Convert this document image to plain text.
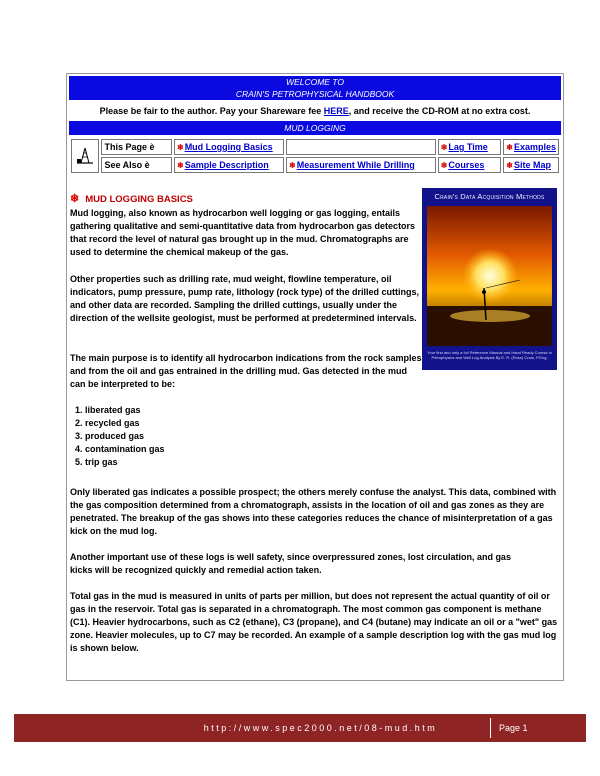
WELCOME TO
CRAIN'S PETROPHYSICAL HANDBOOK
Please be fair to the author. Pay your Shareware fee HERE, and receive the CD-ROM at no extra cost.
MUD LOGGING
	This Page è	❄Mud Logging Basics		❄Lag Time	❄Examples
	See Also è	❄Sample Description	❄Measurement While Drilling	❄Courses	❄Site Map
❄ MUD LOGGING BASICS

Mud logging, also known as hydrocarbon well logging or gas logging, entails gathering qualitative and semi-quantitative data from hydrocarbon gas detectors that record the level of natural gas brought up in the mud. Chromatographs are used to determine the chemical makeup of the gas.

Other properties such as drilling rate, mud weight, flowline temperature, oil indicators, pump pressure, pump rate, lithology (rock type) of the drilled cuttings, and other data are recorded. Sampling the drilled cuttings, usually under the direction of the wellsite geologist, must be performed at predetermined intervals.

The main purpose is to identify all hydrocarbon indications from the rock samples and from the oil and gas entrained in the drilling mud. Gas detected in the mud can be interpreted to be:

Crain's Data Acquisition Methods
Your first and only a full Reference Manual and Hand Ready Course in Petrophysics and Well Log Analysis By E. R. (Ross) Crain, P.Eng.
1. liberated gas
2. recycled gas
3. produced gas
4. contamination gas
5. trip gas

Only liberated gas indicates a possible prospect; the others merely confuse the analyst. This data, combined with the gas composition determined from a chromatograph, assists in the location of oil and gas zones as they are penetrated. The breakup of the gas shows into these categories reduces the chance of misinterpretation of a gas kick on the mud log.

Another important use of these logs is well safety, since overpressured zones, lost circulation, and gas kicks will be recognized quickly and remedial action taken.

Total gas in the mud is measured in units of parts per million, but does not represent the actual quantity of oil or gas in the reservoir. Total gas is separated in a chromatograph. The most common gas component is methane (C1). Heavier hydrocarbons, such as C2 (ethane), C3 (propane), and C4 (butane) may indicate an oil or a "wet" gas zone. Heavier molecules, up to C7 may be recorded. An example of a sample description log with the gas mud log is shown below.

http://www.spec2000.net/08-mud.htm	Page 1
